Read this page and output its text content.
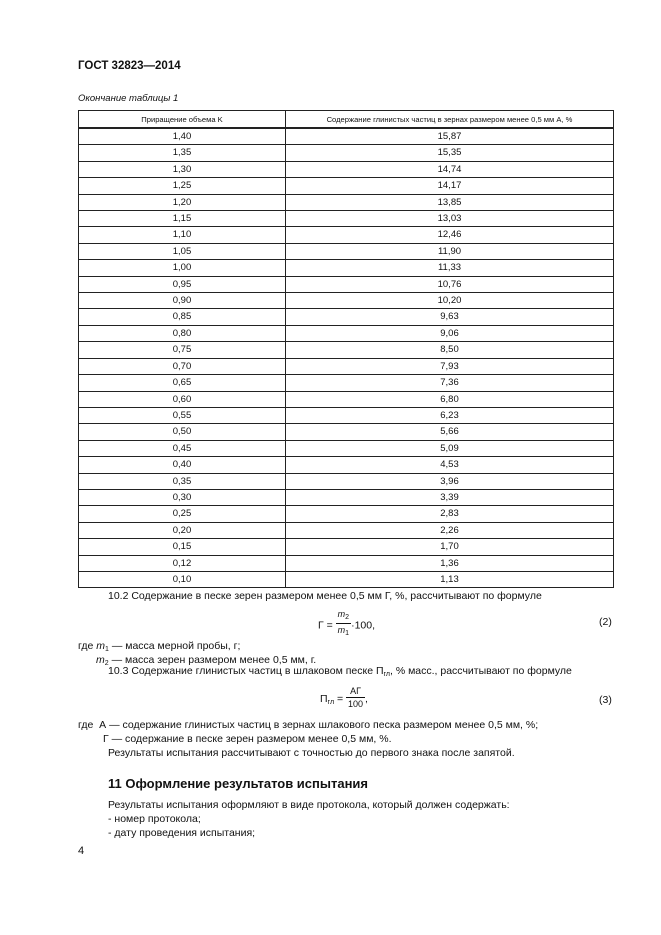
ГОСТ 32823—2014
Окончание таблицы 1
Приращение объема K	Содержание глинистых частиц в зернах размером менее 0,5 мм А, %
1,40	15,87
1,35	15,35
1,30	14,74
1,25	14,17
1,20	13,85
1,15	13,03
1,10	12,46
1,05	11,90
1,00	11,33
0,95	10,76
0,90	10,20
0,85	9,63
0,80	9,06
0,75	8,50
0,70	7,93
0,65	7,36
0,60	6,80
0,55	6,23
0,50	5,66
0,45	5,09
0,40	4,53
0,35	3,96
0,30	3,39
0,25	2,83
0,20	2,26
0,15	1,70
0,12	1,36
0,10	1,13
10.2 Содержание в песке зерен размером менее 0,5 мм Г, %, рассчитывают по формуле
$Г = \frac{m_2}{m_1} \cdot 100$,	(2)
где $m_1$ — масса мерной пробы, г;
$m_2$ — масса зерен размером менее 0,5 мм, г.
10.3 Содержание глинистых частиц в шлаковом песке $П_{гл}$, % масс., рассчитывают по формуле
$П_{гл} = \frac{АГ}{100}$ ,	(3)
где А — содержание глинистых частиц в зернах шлакового песка размером менее 0,5 мм, %;
Г — содержание в песке зерен размером менее 0,5 мм, %.
Результаты испытания рассчитывают с точностью до первого знака после запятой.
11 Оформление результатов испытания
Результаты испытания оформляют в виде протокола, который должен содержать:
- номер протокола;
- дату проведения испытания;
4
